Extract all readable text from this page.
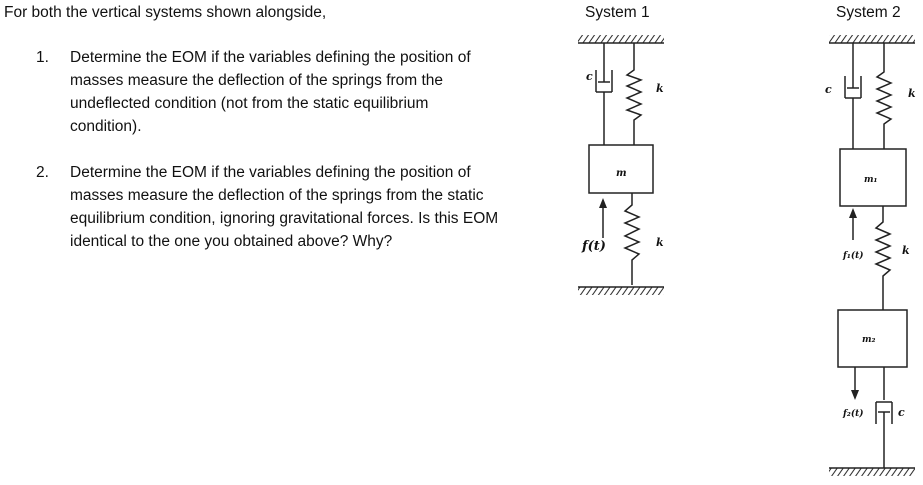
For both the vertical systems shown alongside,
1. Determine the EOM if the variables defining the position of masses measure the deflection of the springs from the undeflected condition (not from the static equilibrium condition).
2. Determine the EOM if the variables defining the position of masses measure the deflection of the springs from the static equilibrium condition, ignoring gravitational forces. Is this EOM identical to the one you obtained above? Why?
System 1	System 2
c
k
m
f(t)	k
c	k
m₁
f₁(t)	k
m₂
f₂(t)	c
